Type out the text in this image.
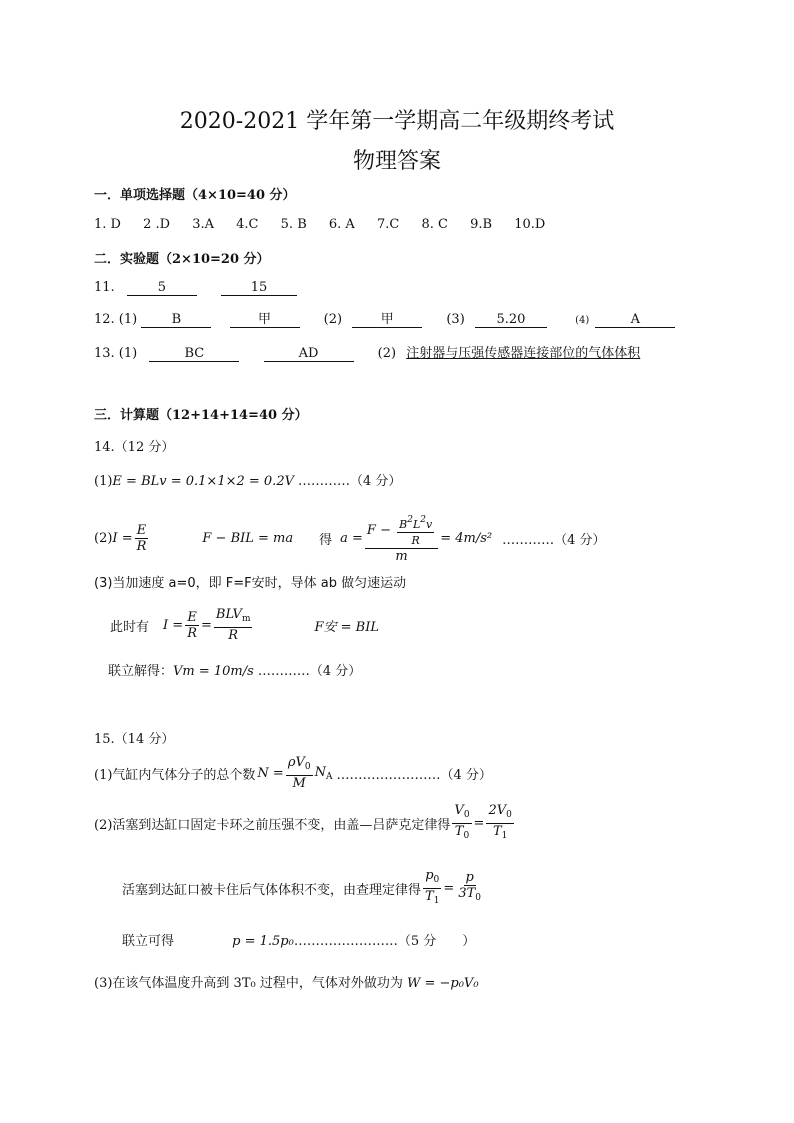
2020-2021 学年第一学期高二年级期终考试
物理答案
一．单项选择题（4×10=40 分）
1. D 2 .D 3.A 4.C 5. B 6. A 7.C 8. C 9.B 10.D
二．实验题（2×10=20 分）
11.	5	15
12. (1)	B	甲	(2)	甲	(3) 5.20	(4)	A
13. (1)	BC	AD	(2) 注射器与压强传感器连接部位的气体体积
三．计算题（12+14+14=40 分）
14.（12 分）
(1)E = BLv = 0.1×1×2 = 0.2V …………（4 分）
(2) $I = \frac{E}{R}$	F − BIL = ma 得 $a = \frac{F - \frac{B^2L^2v}{R}}{m} = 4m/s^2$ …………（4 分）
(3)当加速度 a=0，即 F=F安时，导体 ab 做匀速运动
此时有 $I = \frac{E}{R} = \frac{BLV_m}{R}$	F安 = BIL
联立解得：Vm = 10m/s …………（4 分）
15.（14 分）
(1)气缸内气体分子的总个数 $N = \frac{\rho V_0}{M} N_A$ ……………………（4 分）
(2)活塞到达缸口固定卡环之前压强不变，由盖—吕萨克定律得 $\frac{V_0}{T_0} = \frac{2V_0}{T_1}$
活塞到达缸口被卡住后气体体积不变，由查理定律得 $\frac{p_0}{T_1} = \frac{p}{3T_0}$
联立可得	p = 1.5p₀……………………（5 分　　）
(3)在该气体温度升高到 3T₀ 过程中，气体对外做功为 W = −p₀V₀
